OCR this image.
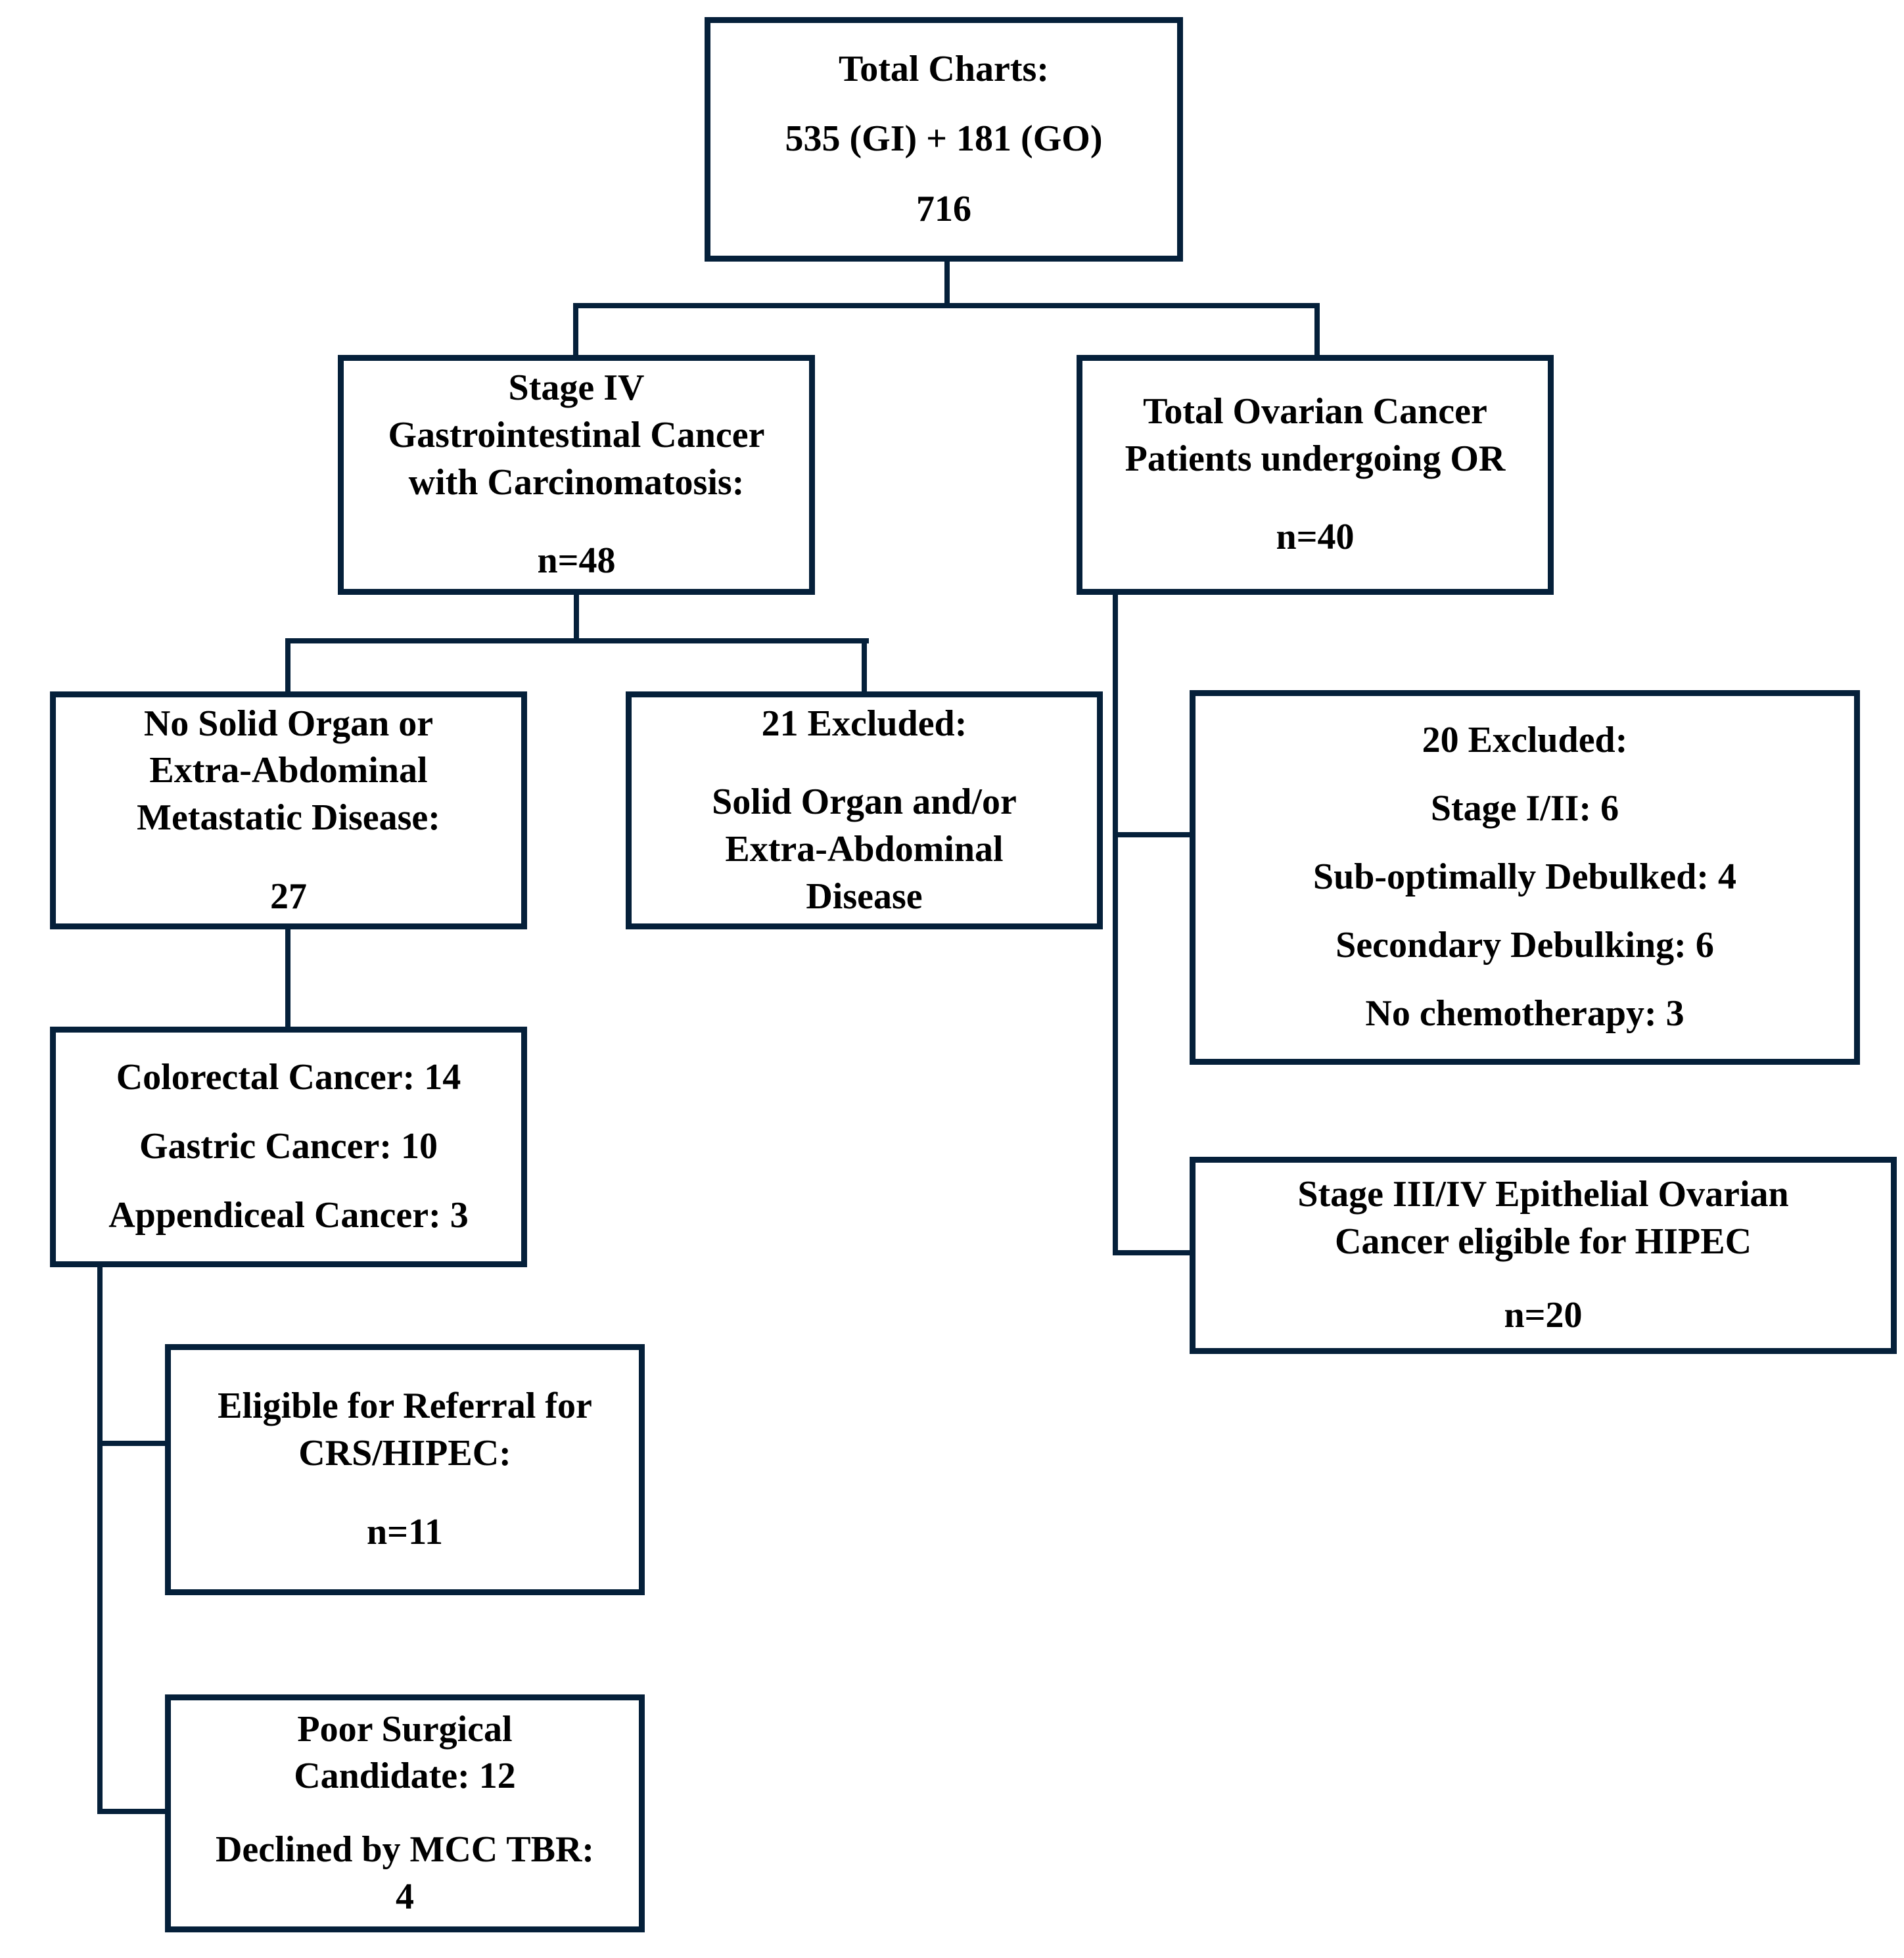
Total Charts:
535 (GI) + 181 (GO)
716
Stage IV
Gastrointestinal Cancer
with Carcinomatosis:
n=48
Total Ovarian Cancer
Patients undergoing OR
n=40
No Solid Organ or
Extra-Abdominal
Metastatic Disease:
27
21 Excluded:
Solid Organ and/or
Extra-Abdominal
Disease
20 Excluded:
Stage I/II: 6
Sub-optimally Debulked: 4
Secondary Debulking: 6
No chemotherapy: 3
Colorectal Cancer: 14
Gastric Cancer: 10
Appendiceal Cancer: 3
Stage III/IV Epithelial Ovarian
Cancer eligible for HIPEC
n=20
Eligible for Referral for
CRS/HIPEC:
n=11
Poor Surgical
Candidate: 12
Declined by MCC TBR:
4
